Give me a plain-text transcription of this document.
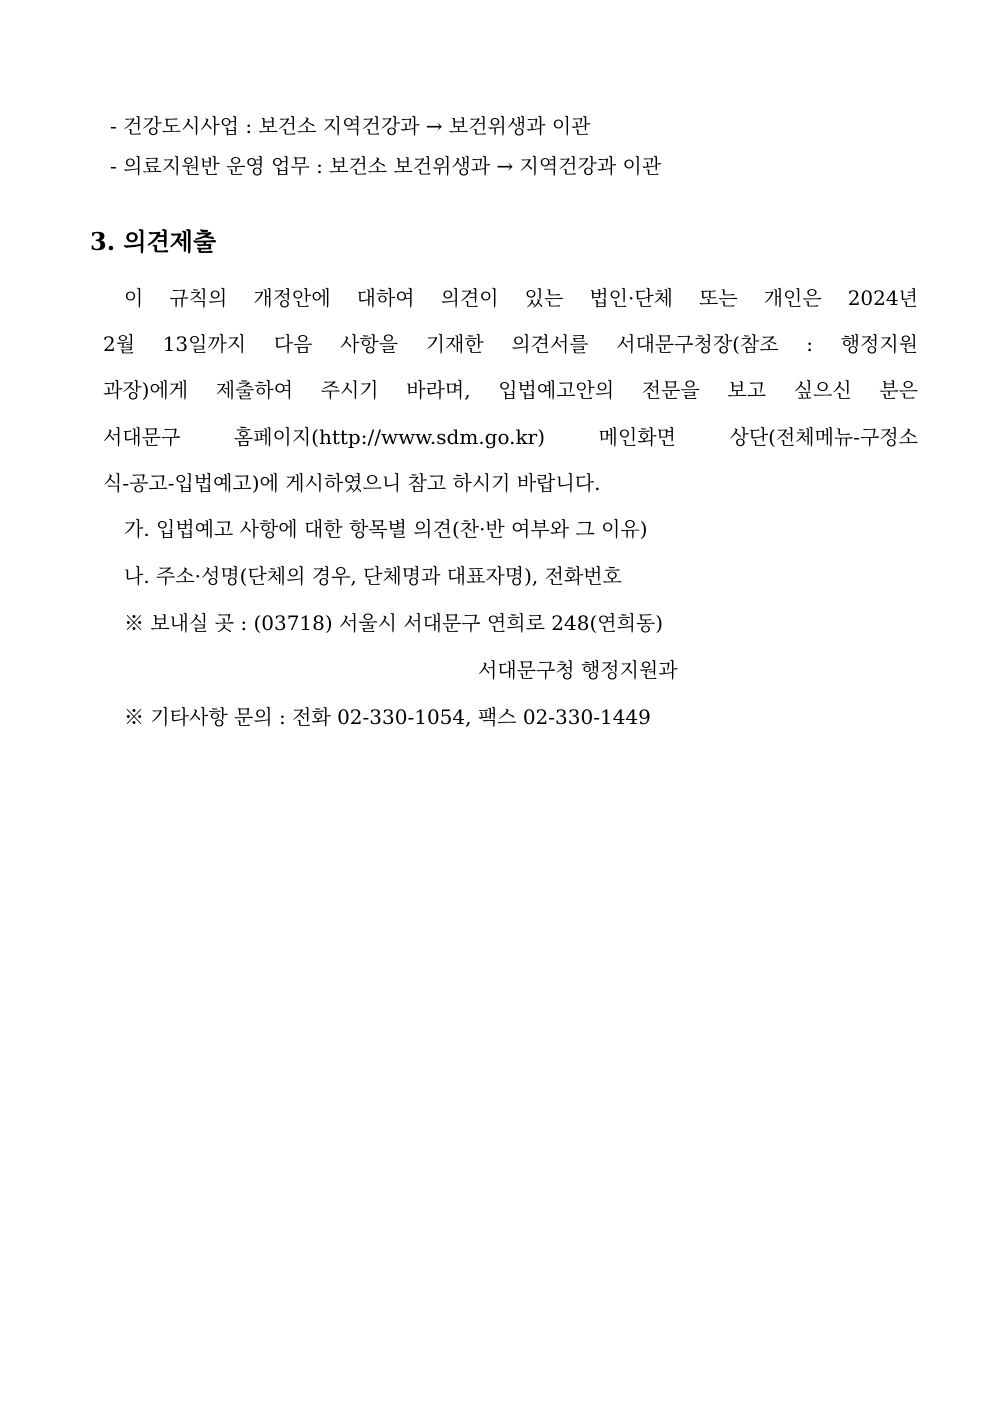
- 건강도시사업 : 보건소 지역건강과 → 보건위생과 이관
- 의료지원반 운영 업무 : 보건소 보건위생과 → 지역건강과 이관
3. 의견제출
이 규칙의 개정안에 대하여 의견이 있는 법인·단체 또는 개인은 2024년
2월 13일까지 다음 사항을 기재한 의견서를 서대문구청장(참조 : 행정지원
과장)에게 제출하여 주시기 바라며, 입법예고안의 전문을 보고 싶으신 분은
서대문구	홈페이지(http://www.sdm.go.kr)	메인화면	상단(전체메뉴-구정소
식-공고-입법예고)에 게시하였으니 참고 하시기 바랍니다.
가. 입법예고 사항에 대한 항목별 의견(찬·반 여부와 그 이유)
나. 주소·성명(단체의 경우, 단체명과 대표자명), 전화번호
※ 보내실 곳 : (03718) 서울시 서대문구 연희로 248(연희동)
서대문구청 행정지원과
※ 기타사항 문의 : 전화 02-330-1054, 팩스 02-330-1449
